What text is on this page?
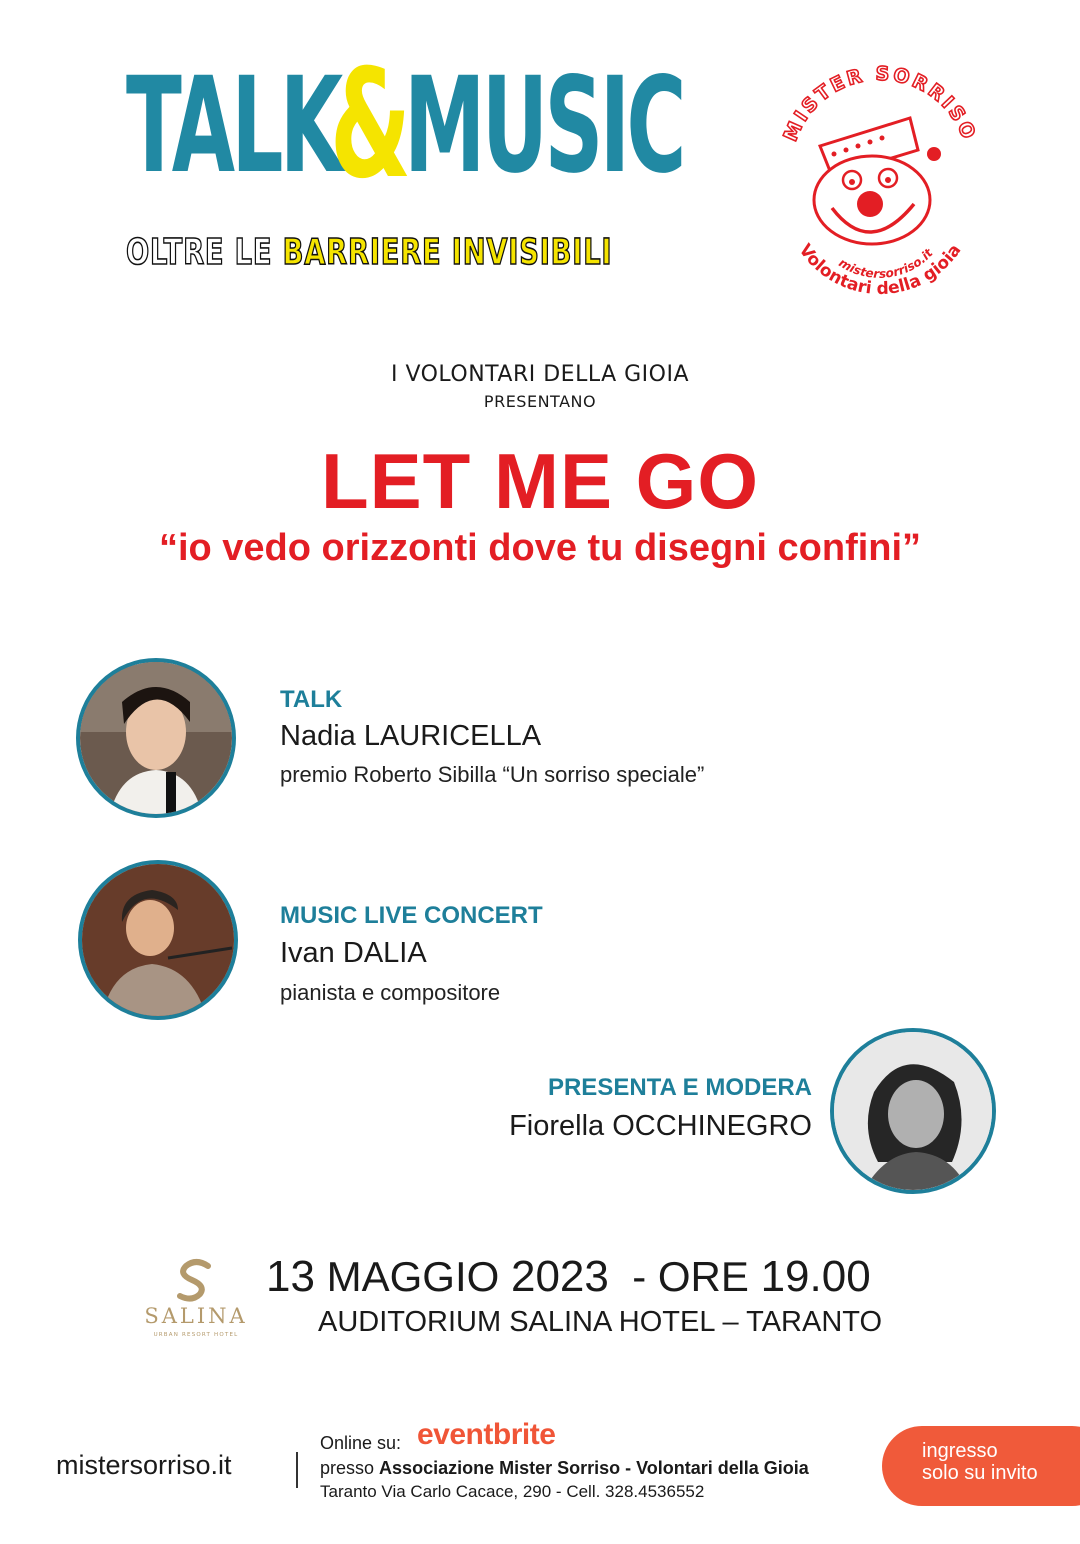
TALK
&
MUSIC
OLTRE LE BARRIERE INVISIBILI
MISTER SORRISO
Volontari della gioia
mistersorriso.it
I VOLONTARI DELLA GIOIA
PRESENTANO
LET ME GO
“io vedo orizzonti dove tu disegni confini”
TALK
Nadia LAURICELLA
premio Roberto Sibilla “Un sorriso speciale”
MUSIC LIVE CONCERT
Ivan DALIA
pianista e compositore
PRESENTA E MODERA
Fiorella OCCHINEGRO
SALINA
URBAN RESORT HOTEL
13 MAGGIO 2023 - ORE 19.00
AUDITORIUM SALINA HOTEL – TARANTO
mistersorriso.it
Online su: eventbrite
presso Associazione Mister Sorriso - Volontari della Gioia
Taranto Via Carlo Cacace, 290 - Cell. 328.4536552
ingresso
solo su invito
